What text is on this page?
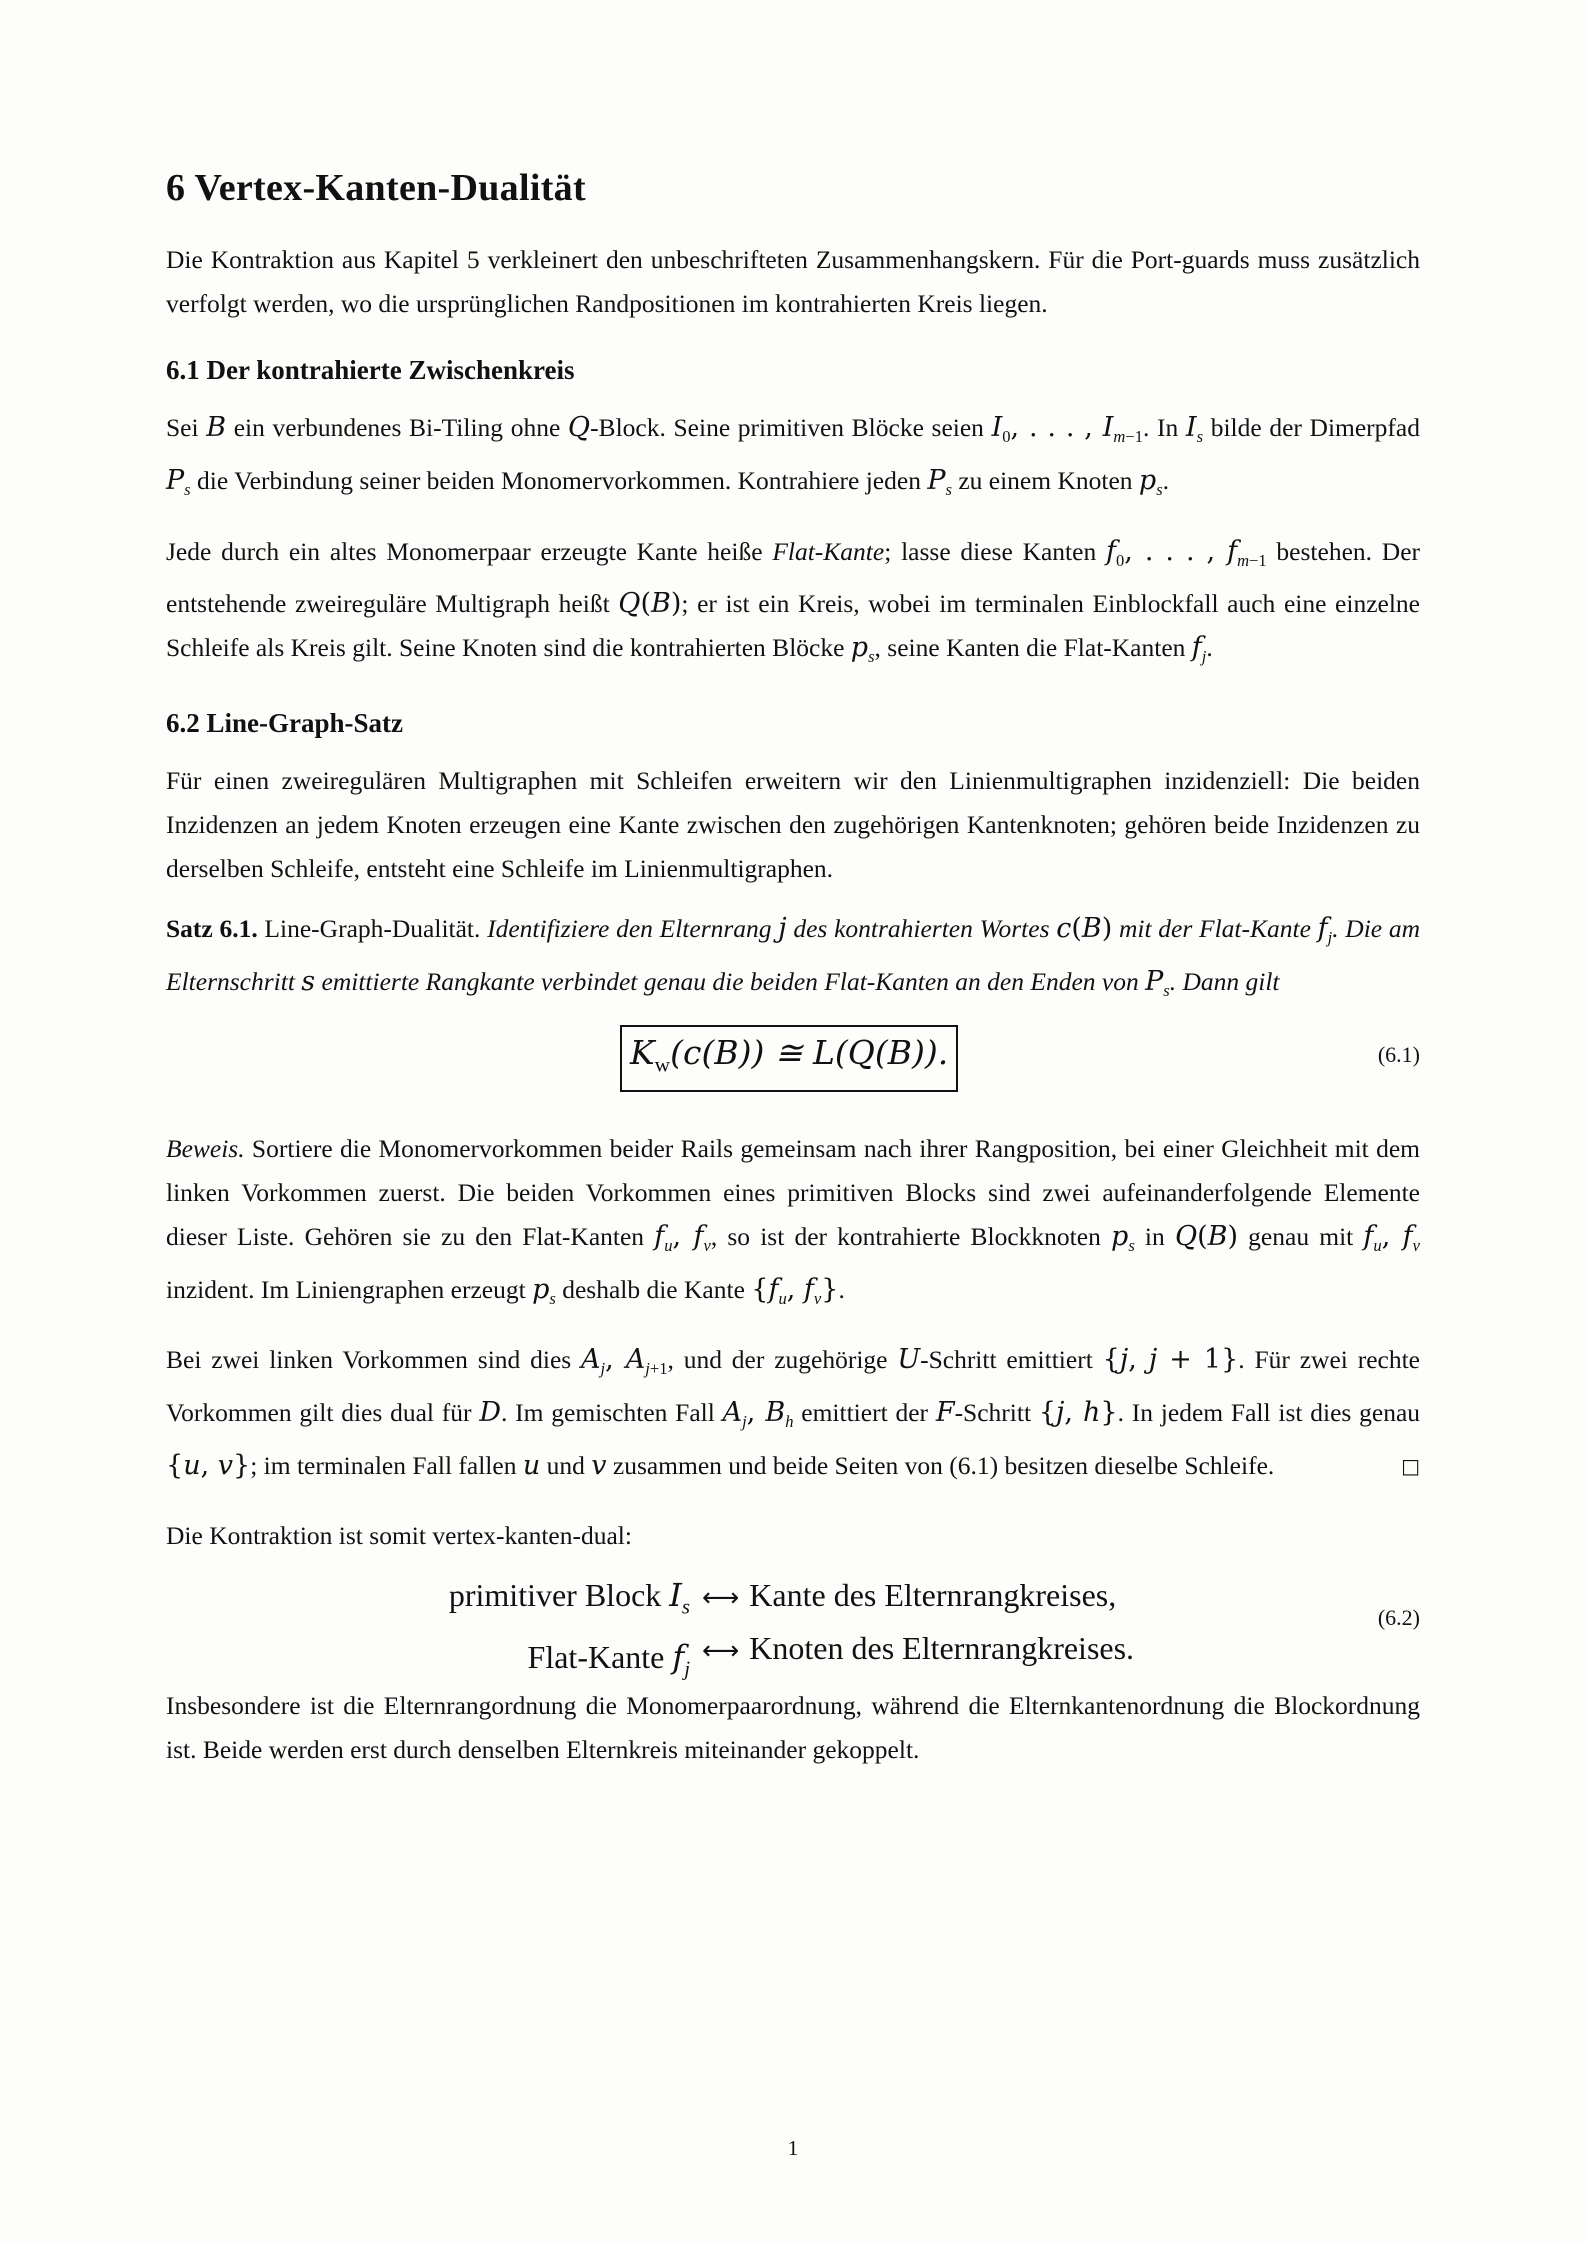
6 Vertex-Kanten-Dualität

Die Kontraktion aus Kapitel 5 verkleinert den unbeschrifteten Zusammenhangskern. Für die Port-guards muss zusätzlich verfolgt werden, wo die ursprünglichen Randpositionen im kontrahierten Kreis liegen.

6.1 Der kontrahierte Zwischenkreis

Sei B ein verbundenes Bi-Tiling ohne Q-Block. Seine primitiven Blöcke seien $I_0$, . . . , $I_{m-1}$. In $I_s$ bilde der Dimerpfad $P_s$ die Verbindung seiner beiden Monomervorkommen. Kontrahiere jeden $P_s$ zu einem Knoten $p_s$.

Jede durch ein altes Monomerpaar erzeugte Kante heiße Flat-Kante; lasse diese Kanten $f_0$, . . . , $f_{m-1}$ bestehen. Der entstehende zweireguläre Multigraph heißt Q(B); er ist ein Kreis, wobei im terminalen Einblockfall auch eine einzelne Schleife als Kreis gilt. Seine Knoten sind die kontrahierten Blöcke $p_s$, seine Kanten die Flat-Kanten $f_j$.

6.2 Line-Graph-Satz

Für einen zweiregulären Multigraphen mit Schleifen erweitern wir den Linienmultigraphen inzidenziell: Die beiden Inzidenzen an jedem Knoten erzeugen eine Kante zwischen den zugehörigen Kantenknoten; gehören beide Inzidenzen zu derselben Schleife, entsteht eine Schleife im Linienmultigraphen.

Satz 6.1. Line-Graph-Dualität. Identifiziere den Elternrang j des kontrahierten Wortes c(B) mit der Flat-Kante $f_j$. Die am Elternschritt s emittierte Rangkante verbindet genau die beiden Flat-Kanten an den Enden von $P_s$. Dann gilt

$K_w(c(B))$ ≅ L(Q(B)).	(6.1)

Beweis. Sortiere die Monomervorkommen beider Rails gemeinsam nach ihrer Rangposition, bei einer Gleichheit mit dem linken Vorkommen zuerst. Die beiden Vorkommen eines primitiven Blocks sind zwei aufeinanderfolgende Elemente dieser Liste. Gehören sie zu den Flat-Kanten $f_u$, $f_v$, so ist der kontrahierte Blockknoten $p_s$ in Q(B) genau mit $f_u$, $f_v$ inzident. Im Liniengraphen erzeugt $p_s$ deshalb die Kante {$f_u$, $f_v$}.

Bei zwei linken Vorkommen sind dies $A_j$, $A_{j+1}$, und der zugehörige U-Schritt emittiert {j, j + 1}. Für zwei rechte Vorkommen gilt dies dual für D. Im gemischten Fall $A_j$, $B_h$ emittiert der F-Schritt {j, h}. In jedem Fall ist dies genau {u, v}; im terminalen Fall fallen u und v zusammen und beide Seiten von (6.1) besitzen dieselbe Schleife.	□

Die Kontraktion ist somit vertex-kanten-dual:

primitiver Block $I_s$
Flat-Kante $f_j$
⟷ Kante des Elternrangkreises,
⟷ Knoten des Elternrangkreises.
(6.2)

Insbesondere ist die Elternrangordnung die Monomerpaarordnung, während die Elternkantenordnung die Blockordnung ist. Beide werden erst durch denselben Elternkreis miteinander gekoppelt.

1
